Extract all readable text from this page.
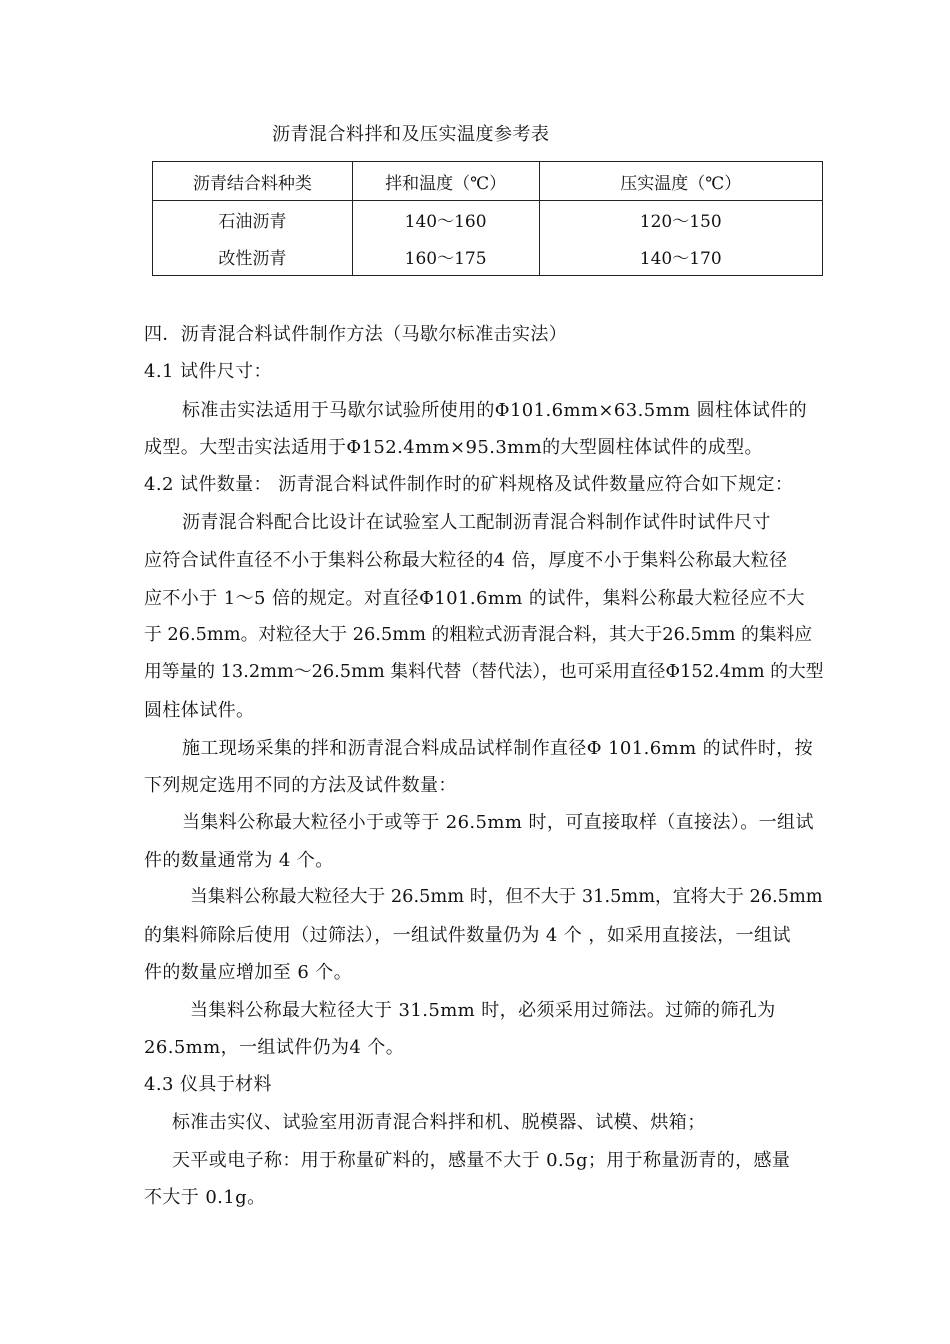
沥青混合料拌和及压实温度参考表
沥青结合料种类	拌和温度（℃）	压实温度（℃）
石油沥青	140～160	120～150
改性沥青	160～175	140～170
四．沥青混合料试件制作方法（马歇尔标准击实法）
4.1 试件尺寸：
标准击实法适用于马歇尔试验所使用的Φ101.6mm×63.5mm 圆柱体试件的
成型。大型击实法适用于Φ152.4mm×95.3mm的大型圆柱体试件的成型。
4.2 试件数量： 沥青混合料试件制作时的矿料规格及试件数量应符合如下规定：
沥青混合料配合比设计在试验室人工配制沥青混合料制作试件时试件尺寸
应符合试件直径不小于集料公称最大粒径的4 倍，厚度不小于集料公称最大粒径
应不小于 1～5 倍的规定。对直径Φ101.6mm 的试件，集料公称最大粒径应不大
于 26.5mm。对粒径大于 26.5mm 的粗粒式沥青混合料，其大于26.5mm 的集料应
用等量的 13.2mm～26.5mm 集料代替（替代法），也可采用直径Φ152.4mm 的大型
圆柱体试件。
施工现场采集的拌和沥青混合料成品试样制作直径Φ 101.6mm 的试件时，按
下列规定选用不同的方法及试件数量：
当集料公称最大粒径小于或等于 26.5mm 时，可直接取样（直接法）。一组试
件的数量通常为 4 个。
当集料公称最大粒径大于 26.5mm 时，但不大于 31.5mm，宜将大于 26.5mm
的集料筛除后使用（过筛法），一组试件数量仍为 4 个 ，如采用直接法，一组试
件的数量应增加至 6 个。
当集料公称最大粒径大于 31.5mm 时，必须采用过筛法。过筛的筛孔为
26.5mm，一组试件仍为4 个。
4.3 仪具于材料
标准击实仪、试验室用沥青混合料拌和机、脱模器、试模、烘箱；
天平或电子称：用于称量矿料的，感量不大于 0.5g；用于称量沥青的，感量
不大于 0.1g。
